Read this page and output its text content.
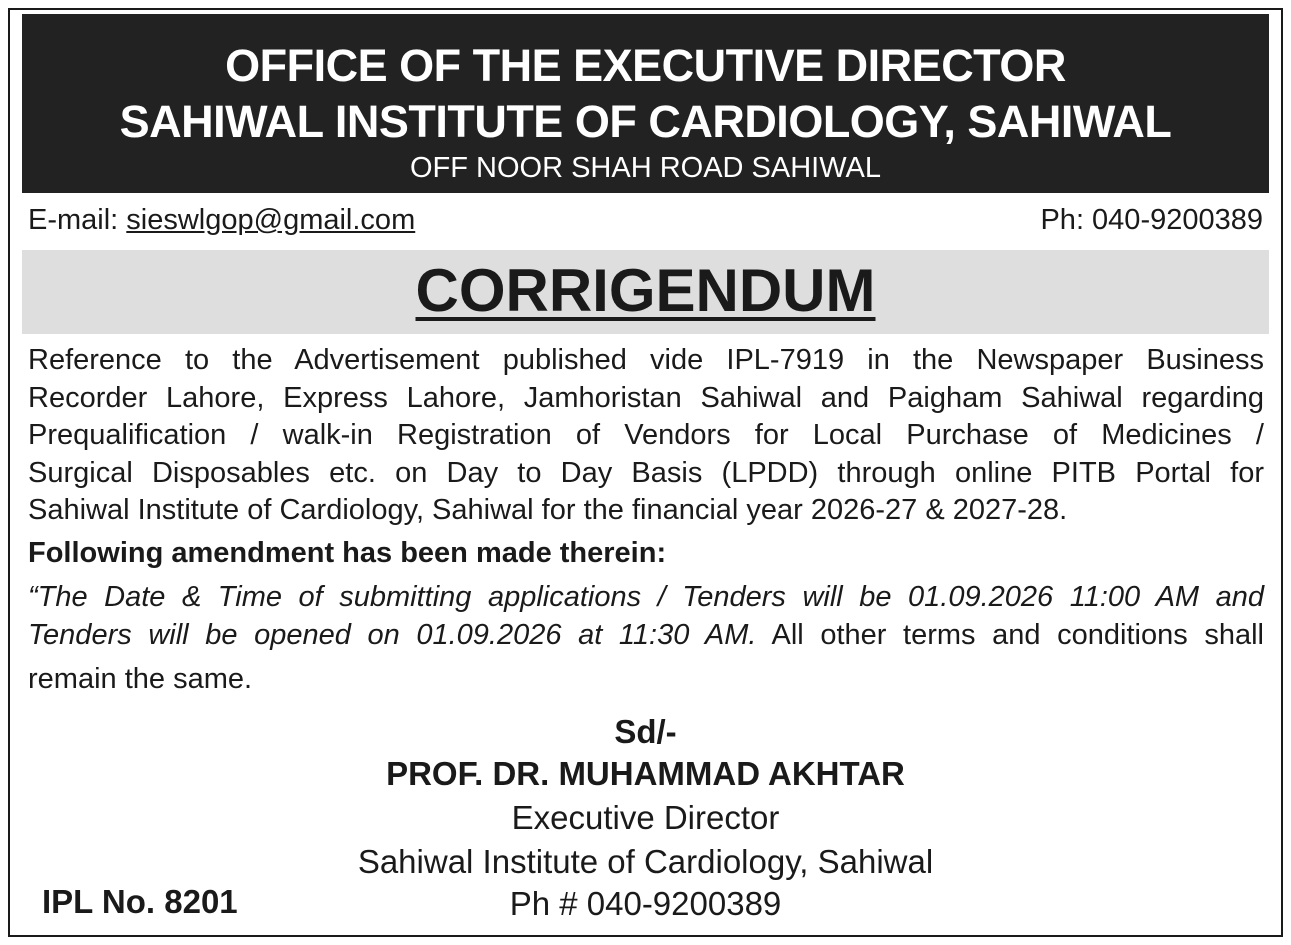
OFFICE OF THE EXECUTIVE DIRECTOR
SAHIWAL INSTITUTE OF CARDIOLOGY, SAHIWAL
OFF NOOR SHAH ROAD SAHIWAL
E-mail: sieswlgop@gmail.com	Ph: 040-9200389
CORRIGENDUM
Reference to the Advertisement published vide IPL-7919 in the Newspaper Business
Recorder Lahore, Express Lahore, Jamhoristan Sahiwal and Paigham Sahiwal regarding
Prequalification / walk-in Registration of Vendors for Local Purchase of Medicines /
Surgical Disposables etc. on Day to Day Basis (LPDD) through online PITB Portal for
Sahiwal Institute of Cardiology, Sahiwal for the financial year 2026-27 & 2027-28.
Following amendment has been made therein:
“The Date & Time of submitting applications / Tenders will be 01.09.2026 11:00 AM and
Tenders will be opened on 01.09.2026 at 11:30 AM. All other terms and conditions shall
remain the same.
Sd/-
PROF. DR. MUHAMMAD AKHTAR
Executive Director
Sahiwal Institute of Cardiology, Sahiwal
Ph # 040-9200389
IPL No. 8201
